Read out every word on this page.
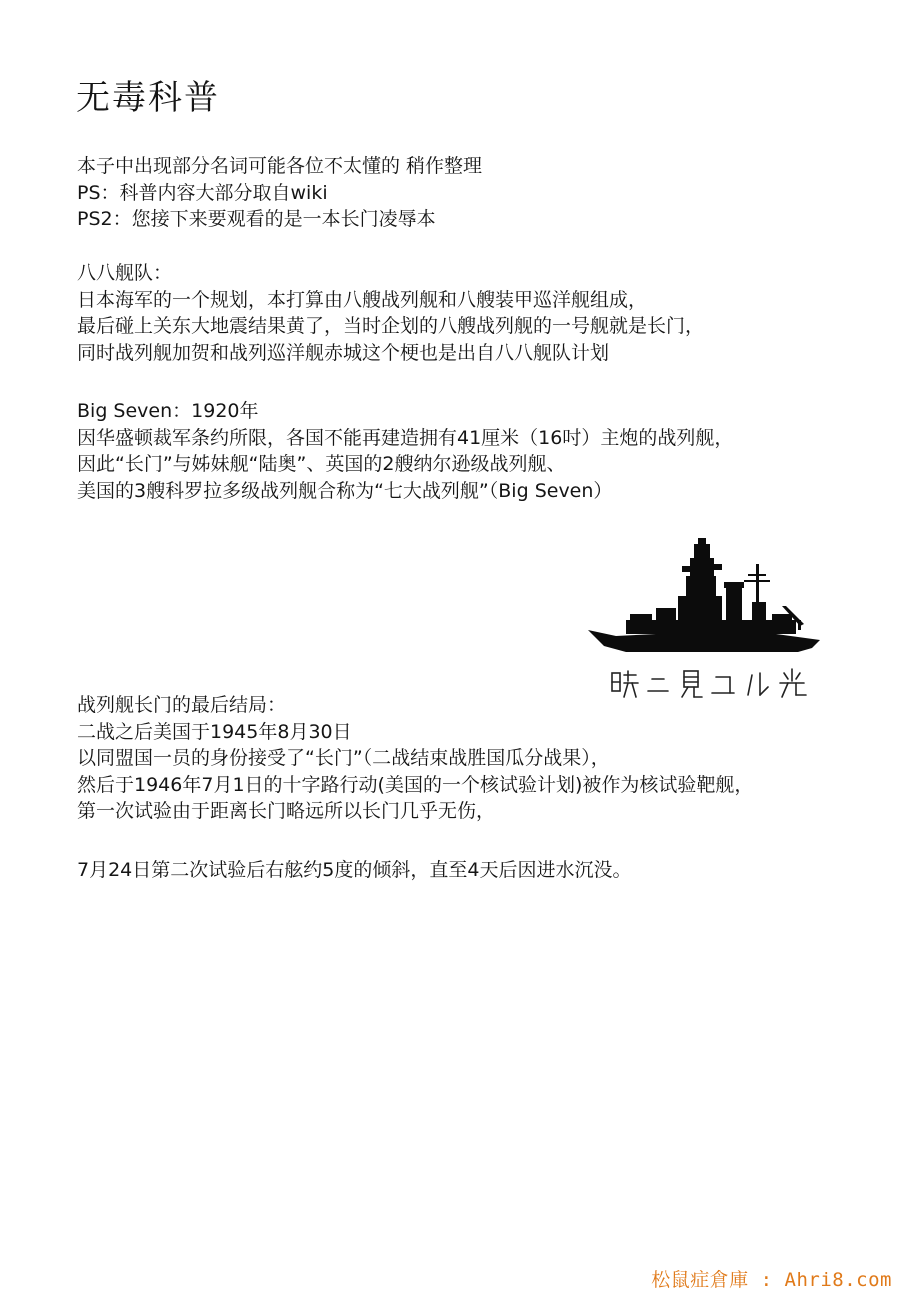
无毒科普
本子中出现部分名词可能各位不太懂的 稍作整理
PS：科普内容大部分取自wiki
PS2：您接下来要观看的是一本长门凌辱本
八八舰队：
日本海军的一个规划，本打算由八艘战列舰和八艘装甲巡洋舰组成，
最后碰上关东大地震结果黄了，当时企划的八艘战列舰的一号舰就是长门，
同时战列舰加贺和战列巡洋舰赤城这个梗也是出自八八舰队计划
Big Seven：1920年
因华盛顿裁军条约所限，各国不能再建造拥有41厘米（16吋）主炮的战列舰，
因此“长门”与姊妹舰“陆奥”、英国的2艘纳尔逊级战列舰、
美国的3艘科罗拉多级战列舰合称为“七大战列舰”（Big Seven）
战列舰长门的最后结局：
二战之后美国于1945年8月30日
以同盟国一员的身份接受了“长门”（二战结束战胜国瓜分战果），
然后于1946年7月1日的十字路行动(美国的一个核试验计划)被作为核试验靶舰，
第一次试验由于距离长门略远所以长门几乎无伤，
7月24日第二次试验后右舷约5度的倾斜，直至4天后因进水沉没。
松鼠症倉庫 : Ahri8.com
